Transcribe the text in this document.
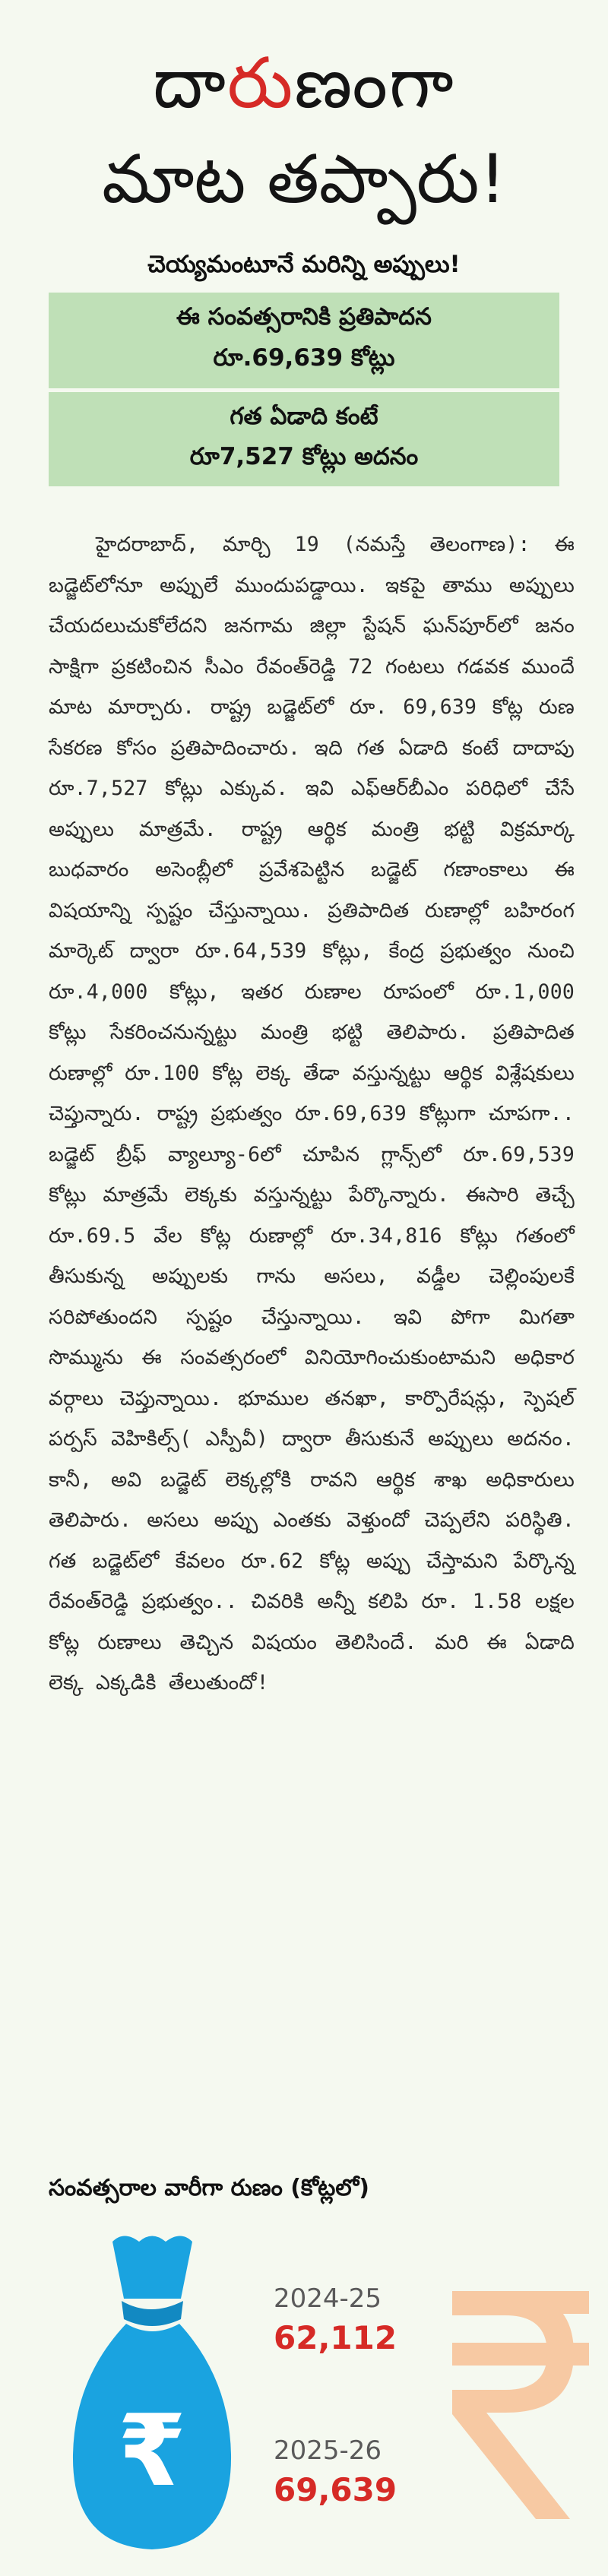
దారుణంగా
మాట తప్పారు!
చెయ్యమంటూనే మరిన్ని అప్పులు!
ఈ సంవత్సరానికి ప్రతిపాదన
రూ.69,639 కోట్లు
గత ఏడాది కంటే
రూ7,527 కోట్లు అదనం

హైదరాబాద్, మార్చి 19 (నమస్తే తెలంగాణ): ఈ బడ్జెట్‌లోనూ అప్పులే ముందుపడ్డాయి. ఇకపై తాము అప్పులు చేయదలుచుకోలేదని జనగామ జిల్లా స్టేషన్ ఘన్‌పూర్‌లో జనం సాక్షిగా ప్రకటించిన సీఎం రేవంత్‌రెడ్డి 72 గంటలు గడవక ముందే మాట మార్చారు. రాష్ట్ర బడ్జెట్‌లో రూ. 69,639 కోట్ల రుణ సేకరణ కోసం ప్రతిపాదించారు. ఇది గత ఏడాది కంటే దాదాపు రూ.7,527 కోట్లు ఎక్కువ. ఇవి ఎఫ్‌ఆర్‌బీఎం పరిధిలో చేసే అప్పులు మాత్రమే. రాష్ట్ర ఆర్థిక మంత్రి భట్టి విక్రమార్క బుధవారం అసెంబ్లీలో ప్రవేశపెట్టిన బడ్జెట్ గణాంకాలు ఈ విషయాన్ని స్పష్టం చేస్తున్నాయి. ప్రతిపాదిత రుణాల్లో బహిరంగ మార్కెట్ ద్వారా రూ.64,539 కోట్లు, కేంద్ర ప్రభుత్వం నుంచి రూ.4,000 కోట్లు, ఇతర రుణాల రూపంలో రూ.1,000 కోట్లు సేకరించనున్నట్టు మంత్రి భట్టి తెలిపారు. ప్రతిపాదిత రుణాల్లో రూ.100 కోట్ల లెక్క తేడా వస్తున్నట్టు ఆర్థిక విశ్లేషకులు చెప్తున్నారు. రాష్ట్ర ప్రభుత్వం రూ.69,639 కోట్లుగా చూపగా.. బడ్జెట్ బ్రీఫ్ వ్యాల్యూ-6లో చూపిన గ్లాన్స్‌లో రూ.69,539 కోట్లు మాత్రమే లెక్కకు వస్తున్నట్టు పేర్కొన్నారు. ఈసారి తెచ్చే రూ.69.5 వేల కోట్ల రుణాల్లో రూ.34,816 కోట్లు గతంలో తీసుకున్న అప్పులకు గాను అసలు, వడ్డీల చెల్లింపులకే సరిపోతుందని స్పష్టం చేస్తున్నాయి. ఇవి పోగా మిగతా సొమ్మును ఈ సంవత్సరంలో వినియోగించుకుంటామని అధికార వర్గాలు చెప్తున్నాయి. భూముల తనఖా, కార్పొరేషన్లు, స్పెషల్ పర్పస్ వెహికిల్స్( ఎస్పీవీ) ద్వారా తీసుకునే అప్పులు అదనం. కానీ, అవి బడ్జెట్ లెక్కల్లోకి రావని ఆర్థిక శాఖ అధికారులు తెలిపారు. అసలు అప్పు ఎంతకు వెళ్తుందో చెప్పలేని పరిస్థితి. గత బడ్జెట్‌లో కేవలం రూ.62 కోట్ల అప్పు చేస్తామని పేర్కొన్న రేవంత్‌రెడ్డి ప్రభుత్వం.. చివరికి అన్నీ కలిపి రూ. 1.58 లక్షల కోట్ల రుణాలు తెచ్చిన విషయం తెలిసిందే. మరి ఈ ఏడాది లెక్క ఎక్కడికి తేలుతుందో!

సంవత్సరాల వారీగా రుణం (కోట్లలో)
₹
2024-25
62,112
2025-26
69,639
